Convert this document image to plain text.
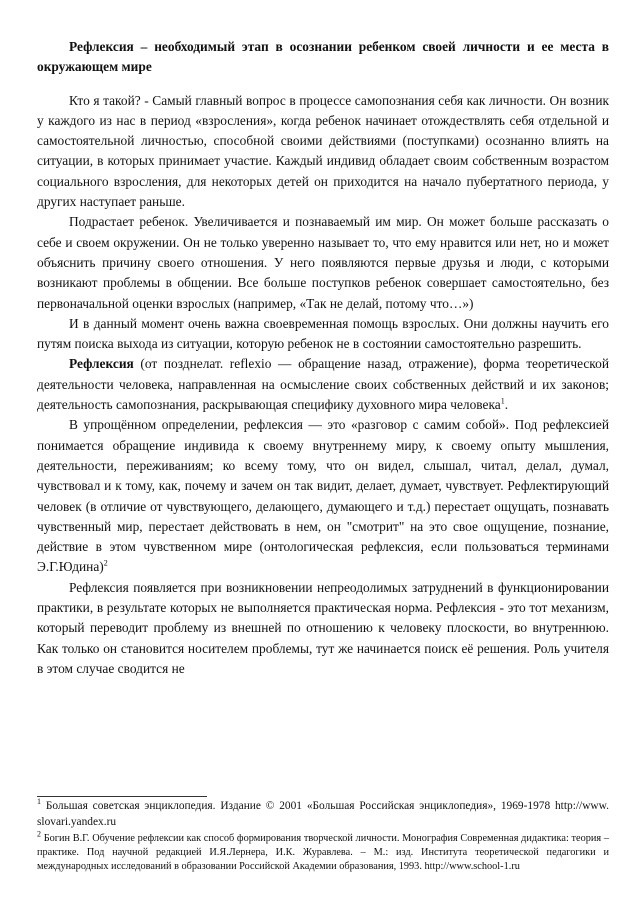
Рефлексия – необходимый этап в осознании ребенком своей личности и ее места в окружающем мире

Кто я такой? - Самый главный вопрос в процессе самопознания себя как личности. Он возник у каждого из нас в период «взросления», когда ребенок начинает отождествлять себя отдельной и самостоятельной личностью, способной своими действиями (поступками) осознанно влиять на ситуации, в которых принимает участие. Каждый индивид обладает своим собственным возрастом социального взросления, для некоторых детей он приходится на начало пубертатного периода, у других наступает раньше.

Подрастает ребенок. Увеличивается и познаваемый им мир. Он может больше рассказать о себе и своем окружении. Он не только уверенно называет то, что ему нравится или нет, но и может объяснить причину своего отношения. У него появляются первые друзья и люди, с которыми возникают проблемы в общении. Все больше поступков ребенок совершает самостоятельно, без первоначальной оценки взрослых (например, «Так не делай, потому что…»)

И в данный момент очень важна своевременная помощь взрослых. Они должны научить его путям поиска выхода из ситуации, которую ребенок не в состоянии самостоятельно разрешить.

Рефлексия (от позднелат. reflexio — обращение назад, отражение), форма теоретической деятельности человека, направленная на осмысление своих собственных действий и их законов; деятельность самопознания, раскрывающая специфику духовного мира человека$^1$.

В упрощённом определении, рефлексия — это «разговор с самим собой». Под рефлексией понимается обращение индивида к своему внутреннему миру, к своему опыту мышления, деятельности, переживаниям; ко всему тому, что он видел, слышал, читал, делал, думал, чувствовал и к тому, как, почему и зачем он так видит, делает, думает, чувствует. Рефлектирующий человек (в отличие от чувствующего, делающего, думающего и т.д.) перестает ощущать, познавать чувственный мир, перестает действовать в нем, он "смотрит" на это свое ощущение, познание, действие в этом чувственном мире (онтологическая рефлексия, если пользоваться терминами Э.Г.Юдина)$^2$

Рефлексия появляется при возникновении непреодолимых затруднений в функционировании практики, в результате которых не выполняется практическая норма. Рефлексия - это тот механизм, который переводит проблему из внешней по отношению к человеку плоскости, во внутреннюю. Как только он становится носителем проблемы, тут же начинается поиск её решения. Роль учителя в этом случае сводится не

$^1$ Большая советская энциклопедия. Издание © 2001 «Большая Российская энциклопедия», 1969-1978 http://www. slovari.yandex.ru

$^2$ Богин В.Г. Обучение рефлексии как способ формирования творческой личности. Монография Современная дидактика: теория – практике. Под научной редакцией И.Я.Лернера, И.К. Журавлева. – М.: изд. Института теоретической педагогики и международных исследований в образовании Российской Академии образования, 1993. http://www.school-1.ru
